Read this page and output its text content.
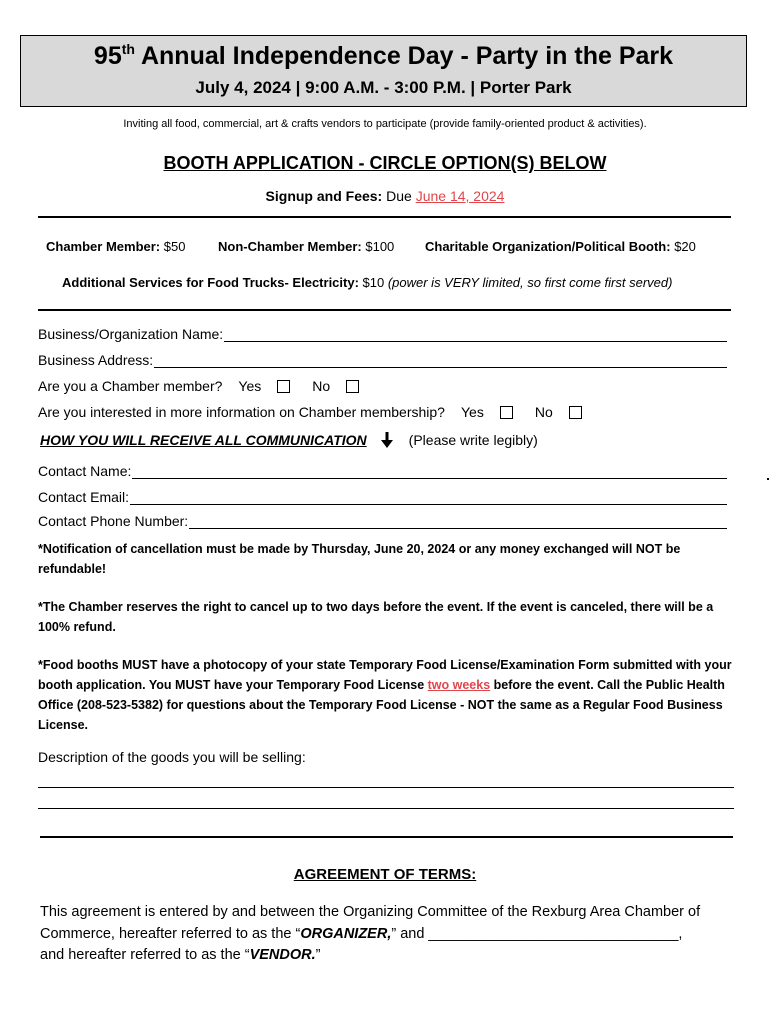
95th Annual Independence Day - Party in the Park
July 4, 2024 | 9:00 A.M. - 3:00 P.M. | Porter Park
Inviting all food, commercial, art & crafts vendors to participate (provide family-oriented product & activities).
BOOTH APPLICATION - CIRCLE OPTION(S) BELOW
Signup and Fees: Due June 14, 2024
Chamber Member: $50	Non-Chamber Member: $100 Charitable Organization/Political Booth: $20
Additional Services for Food Trucks- Electricity: $10 (power is VERY limited, so first come first served)
Business/Organization Name:
Business Address:
Are you a Chamber member? Yes	No
Are you interested in more information on Chamber membership? Yes	No
HOW YOU WILL RECEIVE ALL COMMUNICATION	(Please write legibly)
Contact Name:
Contact Email:
Contact Phone Number:
*Notification of cancellation must be made by Thursday, June 20, 2024 or any money exchanged will NOT be refundable!
*The Chamber reserves the right to cancel up to two days before the event. If the event is canceled, there will be a 100% refund.
*Food booths MUST have a photocopy of your state Temporary Food License/Examination Form submitted with your booth application. You MUST have your Temporary Food License two weeks before the event. Call the Public Health Office (208-523-5382) for questions about the Temporary Food License - NOT the same as a Regular Food Business License.
Description of the goods you will be selling:
AGREEMENT OF TERMS:
This agreement is entered by and between the Organizing Committee of the Rexburg Area Chamber of Commerce, hereafter referred to as the “ORGANIZER,” and _______________________________,
and hereafter referred to as the “VENDOR.”
